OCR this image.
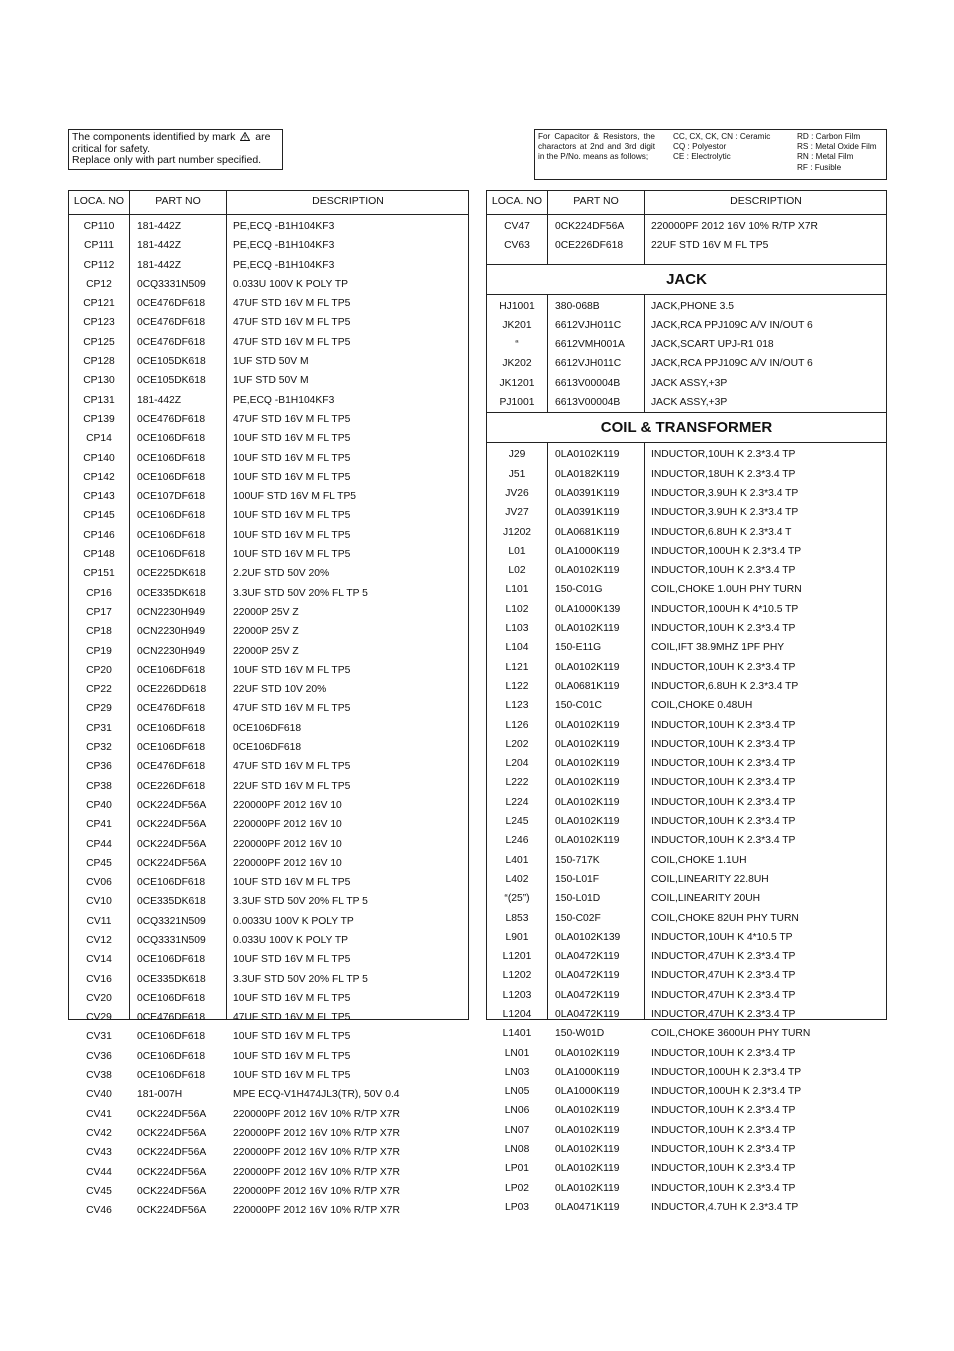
The components identified by mark are
critical for safety.
Replace only with part number specified.
For Capacitor & Resistors, the charactors at 2nd and 3rd digit in the P/No. means as follows;
CC, CX, CK, CN : Ceramic
CQ : Polyestor
CE : Electrolytic
RD : Carbon Film
RS : Metal Oxide Film
RN : Metal Film
RF : Fusible
LOCA. NO	PART NO	DESCRIPTION
CP110	181-442Z	PE,ECQ -B1H104KF3
CP111	181-442Z	PE,ECQ -B1H104KF3
CP112	181-442Z	PE,ECQ -B1H104KF3
CP12	0CQ3331N509	0.033U 100V K POLY TP
CP121	0CE476DF618	47UF STD 16V M FL TP5
CP123	0CE476DF618	47UF STD 16V M FL TP5
CP125	0CE476DF618	47UF STD 16V M FL TP5
CP128	0CE105DK618	1UF STD 50V M
CP130	0CE105DK618	1UF STD 50V M
CP131	181-442Z	PE,ECQ -B1H104KF3
CP139	0CE476DF618	47UF STD 16V M FL TP5
CP14	0CE106DF618	10UF STD 16V M FL TP5
CP140	0CE106DF618	10UF STD 16V M FL TP5
CP142	0CE106DF618	10UF STD 16V M FL TP5
CP143	0CE107DF618	100UF STD 16V M FL TP5
CP145	0CE106DF618	10UF STD 16V M FL TP5
CP146	0CE106DF618	10UF STD 16V M FL TP5
CP148	0CE106DF618	10UF STD 16V M FL TP5
CP151	0CE225DK618	2.2UF STD 50V 20%
CP16	0CE335DK618	3.3UF STD 50V 20% FL TP 5
CP17	0CN2230H949	22000P 25V Z
CP18	0CN2230H949	22000P 25V Z
CP19	0CN2230H949	22000P 25V Z
CP20	0CE106DF618	10UF STD 16V M FL TP5
CP22	0CE226DD618	22UF STD 10V 20%
CP29	0CE476DF618	47UF STD 16V M FL TP5
CP31	0CE106DF618	0CE106DF618
CP32	0CE106DF618	0CE106DF618
CP36	0CE476DF618	47UF STD 16V M FL TP5
CP38	0CE226DF618	22UF STD 16V M FL TP5
CP40	0CK224DF56A	220000PF 2012 16V 10
CP41	0CK224DF56A	220000PF 2012 16V 10
CP44	0CK224DF56A	220000PF 2012 16V 10
CP45	0CK224DF56A	220000PF 2012 16V 10
CV06	0CE106DF618	10UF STD 16V M FL TP5
CV10	0CE335DK618	3.3UF STD 50V 20% FL TP 5
CV11	0CQ3321N509	0.0033U 100V K POLY TP
CV12	0CQ3331N509	0.033U 100V K POLY TP
CV14	0CE106DF618	10UF STD 16V M FL TP5
CV16	0CE335DK618	3.3UF STD 50V 20% FL TP 5
CV20	0CE106DF618	10UF STD 16V M FL TP5
CV29	0CE476DF618	47UF STD 16V M FL TP5
CV31	0CE106DF618	10UF STD 16V M FL TP5
CV36	0CE106DF618	10UF STD 16V M FL TP5
CV38	0CE106DF618	10UF STD 16V M FL TP5
CV40	181-007H	MPE ECQ-V1H474JL3(TR), 50V 0.4
CV41	0CK224DF56A	220000PF 2012 16V 10% R/TP X7R
CV42	0CK224DF56A	220000PF 2012 16V 10% R/TP X7R
CV43	0CK224DF56A	220000PF 2012 16V 10% R/TP X7R
CV44	0CK224DF56A	220000PF 2012 16V 10% R/TP X7R
CV45	0CK224DF56A	220000PF 2012 16V 10% R/TP X7R
CV46	0CK224DF56A	220000PF 2012 16V 10% R/TP X7R
LOCA. NO	PART NO	DESCRIPTION
CV47	0CK224DF56A	220000PF 2012 16V 10% R/TP X7R
CV63	0CE226DF618	22UF STD 16V M FL TP5
JACK
HJ1001	380-068B	JACK,PHONE 3.5
JK201	6612VJH011C	JACK,RCA PPJ109C A/V IN/OUT 6
“	6612VMH001A	JACK,SCART UPJ-R1 018
JK202	6612VJH011C	JACK,RCA PPJ109C A/V IN/OUT 6
JK1201	6613V00004B	JACK ASSY,+3P
PJ1001	6613V00004B	JACK ASSY,+3P
COIL & TRANSFORMER
J29	0LA0102K119	INDUCTOR,10UH K 2.3*3.4 TP
J51	0LA0182K119	INDUCTOR,18UH K 2.3*3.4 TP
JV26	0LA0391K119	INDUCTOR,3.9UH K 2.3*3.4 TP
JV27	0LA0391K119	INDUCTOR,3.9UH K 2.3*3.4 TP
J1202	0LA0681K119	INDUCTOR,6.8UH K 2.3*3.4 T
L01	0LA1000K119	INDUCTOR,100UH K 2.3*3.4 TP
L02	0LA0102K119	INDUCTOR,10UH K 2.3*3.4 TP
L101	150-C01G	COIL,CHOKE 1.0UH PHY TURN
L102	0LA1000K139	INDUCTOR,100UH K 4*10.5 TP
L103	0LA0102K119	INDUCTOR,10UH K 2.3*3.4 TP
L104	150-E11G	COIL,IFT 38.9MHZ 1PF PHY
L121	0LA0102K119	INDUCTOR,10UH K 2.3*3.4 TP
L122	0LA0681K119	INDUCTOR,6.8UH K 2.3*3.4 TP
L123	150-C01C	COIL,CHOKE 0.48UH
L126	0LA0102K119	INDUCTOR,10UH K 2.3*3.4 TP
L202	0LA0102K119	INDUCTOR,10UH K 2.3*3.4 TP
L204	0LA0102K119	INDUCTOR,10UH K 2.3*3.4 TP
L222	0LA0102K119	INDUCTOR,10UH K 2.3*3.4 TP
L224	0LA0102K119	INDUCTOR,10UH K 2.3*3.4 TP
L245	0LA0102K119	INDUCTOR,10UH K 2.3*3.4 TP
L246	0LA0102K119	INDUCTOR,10UH K 2.3*3.4 TP
L401	150-717K	COIL,CHOKE 1.1UH
L402	150-L01F	COIL,LINEARITY 22.8UH
“(25”)	150-L01D	COIL,LINEARITY 20UH
L853	150-C02F	COIL,CHOKE 82UH PHY TURN
L901	0LA0102K139	INDUCTOR,10UH K 4*10.5 TP
L1201	0LA0472K119	INDUCTOR,47UH K 2.3*3.4 TP
L1202	0LA0472K119	INDUCTOR,47UH K 2.3*3.4 TP
L1203	0LA0472K119	INDUCTOR,47UH K 2.3*3.4 TP
L1204	0LA0472K119	INDUCTOR,47UH K 2.3*3.4 TP
L1401	150-W01D	COIL,CHOKE 3600UH PHY TURN
LN01	0LA0102K119	INDUCTOR,10UH K 2.3*3.4 TP
LN03	0LA1000K119	INDUCTOR,100UH K 2.3*3.4 TP
LN05	0LA1000K119	INDUCTOR,100UH K 2.3*3.4 TP
LN06	0LA0102K119	INDUCTOR,10UH K 2.3*3.4 TP
LN07	0LA0102K119	INDUCTOR,10UH K 2.3*3.4 TP
LN08	0LA0102K119	INDUCTOR,10UH K 2.3*3.4 TP
LP01	0LA0102K119	INDUCTOR,10UH K 2.3*3.4 TP
LP02	0LA0102K119	INDUCTOR,10UH K 2.3*3.4 TP
LP03	0LA0471K119	INDUCTOR,4.7UH K 2.3*3.4 TP
